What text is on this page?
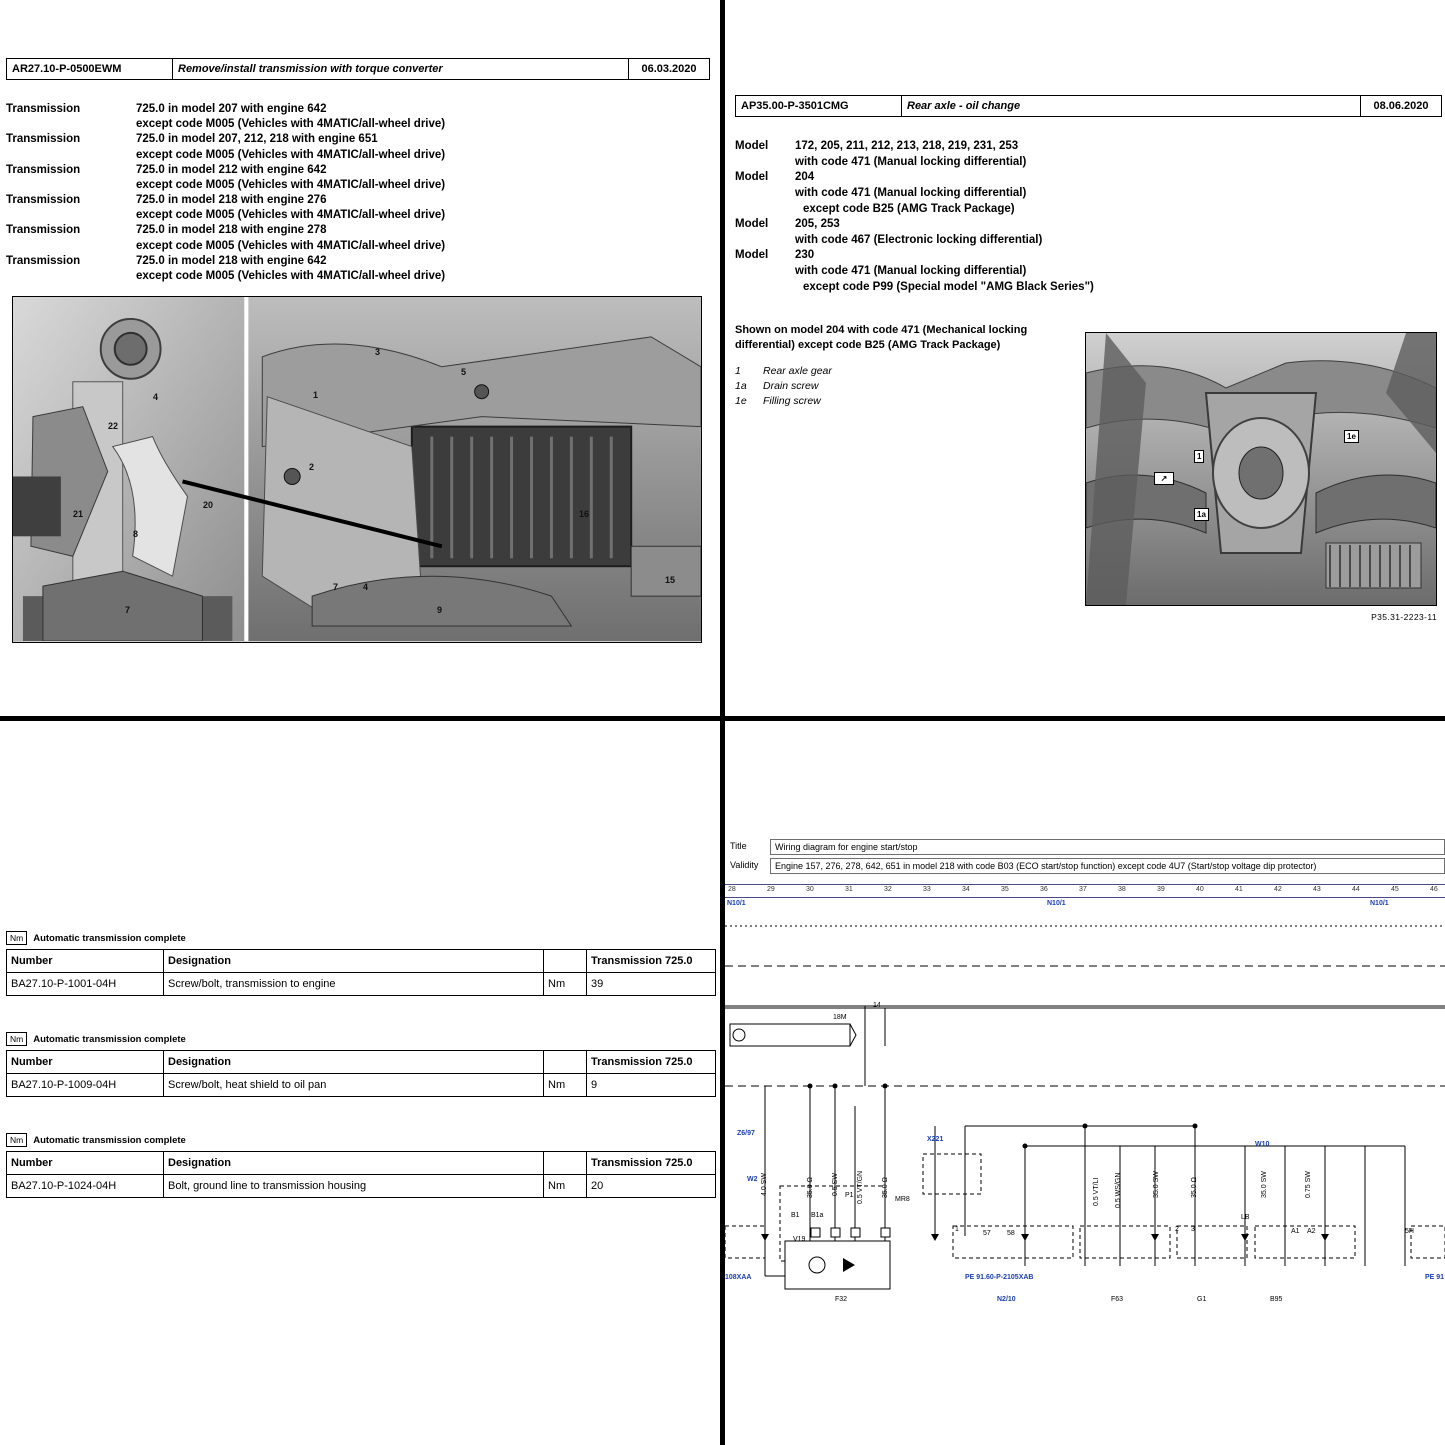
AR27.10-P-0500EWM	Remove/install transmission with torque converter	06.03.2020
Transmission	725.0 in model 207 with engine 642
except code M005 (Vehicles with 4MATIC/all-wheel drive)
Transmission	725.0 in model 207, 212, 218 with engine 651
except code M005 (Vehicles with 4MATIC/all-wheel drive)
Transmission	725.0 in model 212 with engine 642
except code M005 (Vehicles with 4MATIC/all-wheel drive)
Transmission	725.0 in model 218 with engine 276
except code M005 (Vehicles with 4MATIC/all-wheel drive)
Transmission	725.0 in model 218 with engine 278
except code M005 (Vehicles with 4MATIC/all-wheel drive)
Transmission	725.0 in model 218 with engine 642
except code M005 (Vehicles with 4MATIC/all-wheel drive)
4
22
21
8
7
20
3
5
1
2
16
7	4
9
15
AP35.00-P-3501CMG	Rear axle - oil change	08.06.2020
Model 172, 205, 211, 212, 213, 218, 219, 231, 253
with code 471 (Manual locking differential)
Model 204
with code 471 (Manual locking differential)
except code B25 (AMG Track Package)
Model 205, 253
with code 467 (Electronic locking differential)
Model 230
with code 471 (Manual locking differential)
except code P99 (Special model "AMG Black Series")
Shown on model 204 with code 471 (Mechanical locking differential) except code B25 (AMG Track Package)
1 Rear axle gear
1a Drain screw
1e Filling screw
1
1e
1a
↗
P35.31-2223-11
Nm	Automatic transmission complete
Number	Designation		Transmission 725.0
BA27.10-P-1001-04H	Screw/bolt, transmission to engine	Nm	39
Nm	Automatic transmission complete
Number	Designation		Transmission 725.0
BA27.10-P-1009-04H	Screw/bolt, heat shield to oil pan	Nm	9
Nm	Automatic transmission complete
Number	Designation		Transmission 725.0
BA27.10-P-1024-04H	Bolt, ground line to transmission housing	Nm	20
Title	Wiring diagram for engine start/stop
Validity	Engine 157, 276, 278, 642, 651 in model 218 with code B03 (ECO start/stop function) except code 4U7 (Start/stop voltage dip protector)
28	29	30	31	32	33	34	35	36	37	38	39	40	41	42	43	44	45	46
N10/1	N10/1	N10/1
Z6/97
W2
V19
F32
X221
N2/10	F63	G1	B95
W10
5H
PE 91.60-P-2105XAB	PE 91
108XAA
4.0 SW	35.0 Ω	0.5 SW	0.5 VT/GN	35.0 Ω	0.5 VT/LI 0.5 WS/GN	35.0 SW	35.0 Ω	35.0 SW	0.75 SW
18M
14
MR8
P1
B1 B1a	LB
A1 A2
2 3
1
57 58
